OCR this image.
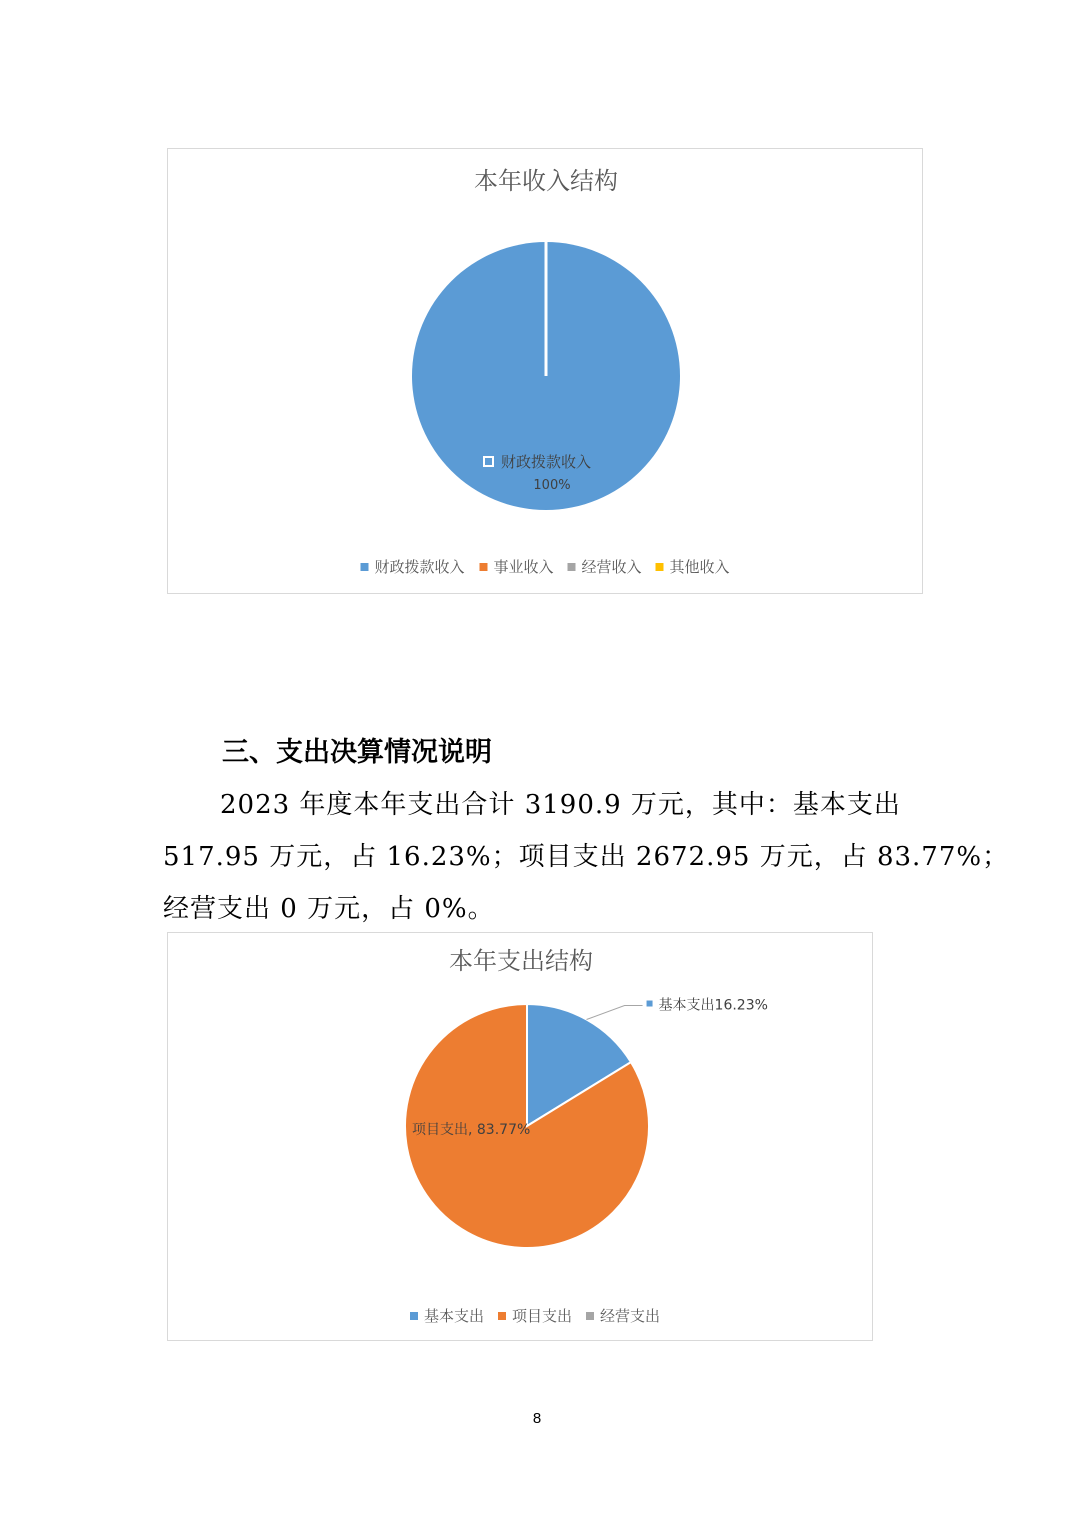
本年收入结构
财政拨款收入
100%
财政拨款收入 事业收入 经营收入 其他收入
三、支出决算情况说明
2023 年度本年支出合计 3190.9 万元，其中：基本支出
517.95 万元，占 16.23%；项目支出 2672.95 万元，占 83.77%；
经营支出 0 万元，占 0%。
本年支出结构
基本支出16.23%
项目支出, 83.77%
基本支出 项目支出 经营支出
8
